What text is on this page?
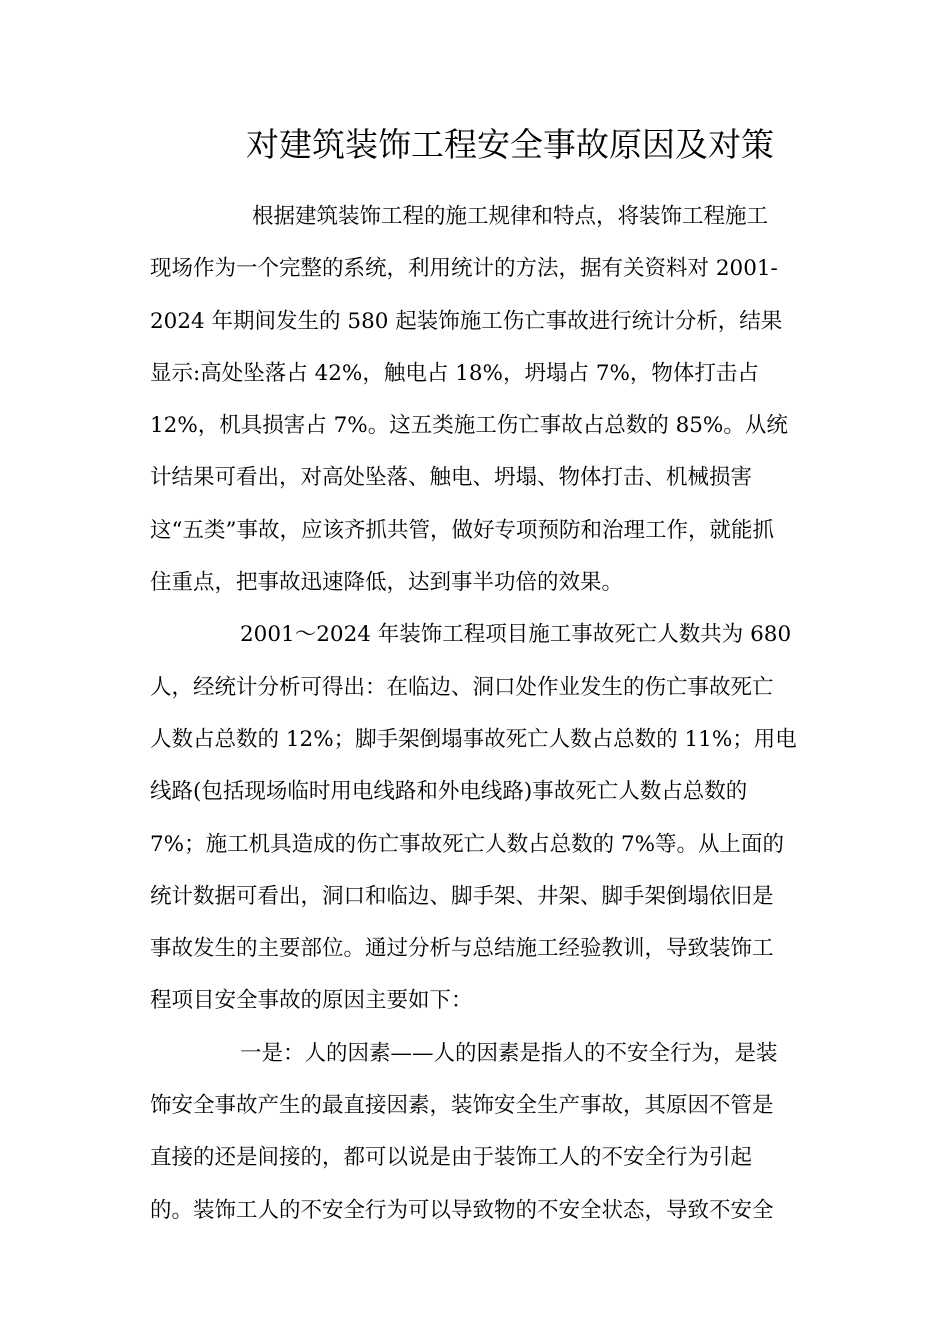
对建筑装饰工程安全事故原因及对策
根据建筑装饰工程的施工规律和特点，将装饰工程施工
现场作为一个完整的系统，利用统计的方法，据有关资料对 2001-
2024 年期间发生的 580 起装饰施工伤亡事故进行统计分析，结果
显示:高处坠落占 42%，触电占 18%，坍塌占 7%，物体打击占
12%，机具损害占 7%。这五类施工伤亡事故占总数的 85%。从统
计结果可看出，对高处坠落、触电、坍塌、物体打击、机械损害
这“五类”事故，应该齐抓共管，做好专项预防和治理工作，就能抓
住重点，把事故迅速降低，达到事半功倍的效果。
2001～2024 年装饰工程项目施工事故死亡人数共为 680
人，经统计分析可得出：在临边、洞口处作业发生的伤亡事故死亡
人数占总数的 12%；脚手架倒塌事故死亡人数占总数的 11%；用电
线路(包括现场临时用电线路和外电线路)事故死亡人数占总数的
7%；施工机具造成的伤亡事故死亡人数占总数的 7%等。从上面的
统计数据可看出，洞口和临边、脚手架、井架、脚手架倒塌依旧是
事故发生的主要部位。通过分析与总结施工经验教训，导致装饰工
程项目安全事故的原因主要如下：
一是：人的因素——人的因素是指人的不安全行为，是装
饰安全事故产生的最直接因素，装饰安全生产事故，其原因不管是
直接的还是间接的，都可以说是由于装饰工人的不安全行为引起
的。装饰工人的不安全行为可以导致物的不安全状态，导致不安全
